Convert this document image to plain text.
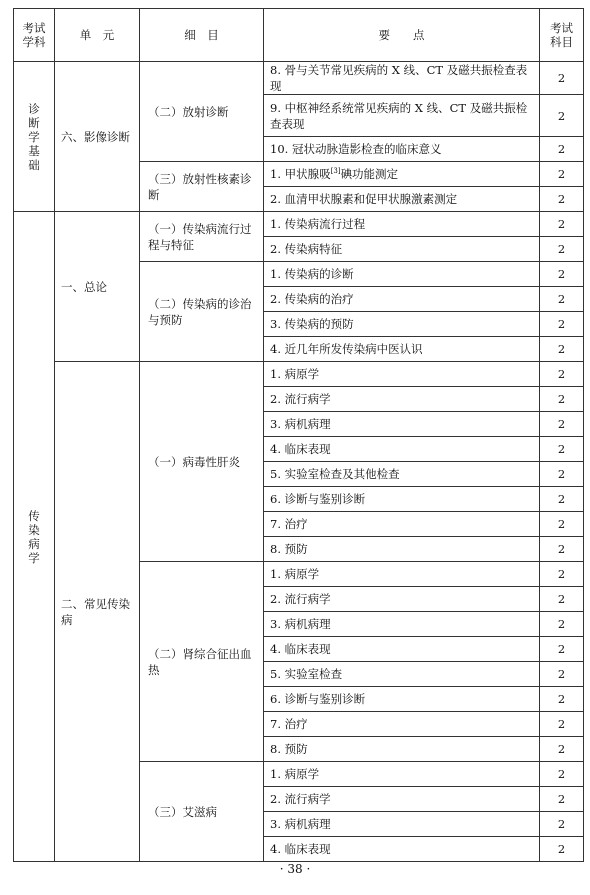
考试学科	单　元	细　目	要　　点	考试科目

诊断学基础	六、影像诊断	（二）放射诊断	8. 骨与关节常见疾病的 X 线、CT 及磁共振检查表现	2
			9. 中枢神经系统常见疾病的 X 线、CT 及磁共振检查表现	2
			10. 冠状动脉造影检查的临床意义	2
		（三）放射性核素诊断	1. 甲状腺吸[3]碘功能测定	2
			2. 血清甲状腺素和促甲状腺激素测定	2

传染病学	一、总论	（一）传染病流行过程与特征	1. 传染病流行过程	2
			2. 传染病特征	2
		（二）传染病的诊治与预防	1. 传染病的诊断	2
			2. 传染病的治疗	2
			3. 传染病的预防	2
			4. 近几年所发传染病中医认识	2
	二、常见传染病	（一）病毒性肝炎	1. 病原学	2
			2. 流行病学	2
			3. 病机病理	2
			4. 临床表现	2
			5. 实验室检查及其他检查	2
			6. 诊断与鉴别诊断	2
			7. 治疗	2
			8. 预防	2
		（二）肾综合征出血热	1. 病原学	2
			2. 流行病学	2
			3. 病机病理	2
			4. 临床表现	2
			5. 实验室检查	2
			6. 诊断与鉴别诊断	2
			7. 治疗	2
			8. 预防	2
		（三）艾滋病	1. 病原学	2
			2. 流行病学	2
			3. 病机病理	2
			4. 临床表现	2
· 38 ·
